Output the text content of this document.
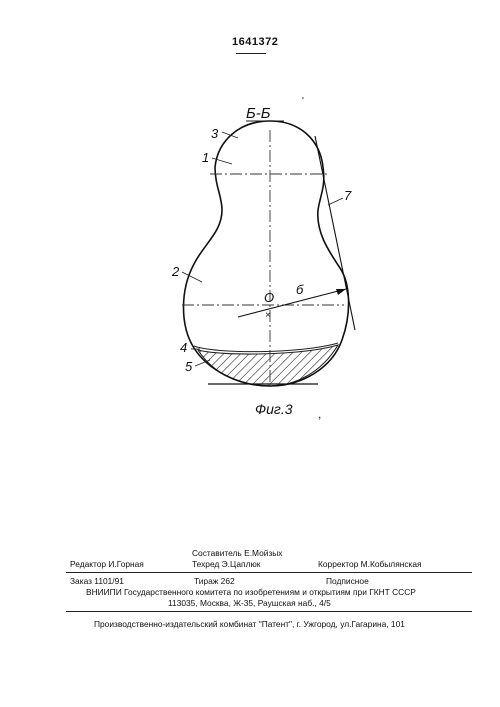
1641372
Б-Б
'
×
3
1
2
4
5
7
O
б
Фиг.3 ,
Составитель Е.Мойзых
Редактор И.Горная	Техред Э.Цаплюк	Корректор М.Кобылянская
Заказ 1101/91	Тираж 262	Подписное
ВНИИПИ Государственного комитета по изобретениям и открытиям при ГКНТ СССР
113035, Москва, Ж-35, Раушская наб., 4/5
Производственно-издательский комбинат "Патент", г. Ужгород, ул.Гагарина, 101
